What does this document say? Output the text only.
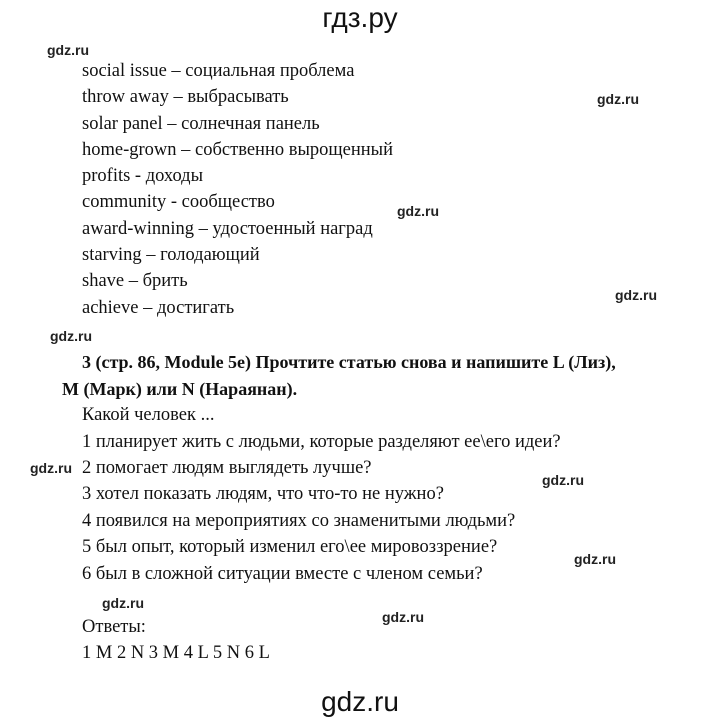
гдз.ру
gdz.ru
gdz.ru
gdz.ru
gdz.ru
gdz.ru
gdz.ru
gdz.ru
gdz.ru
gdz.ru
gdz.ru
social issue – социальная проблема
throw away – выбрасывать
solar panel – солнечная панель
home-grown – собственно вырощенный
profits - доходы
community - сообщество
award-winning – удостоенный наград
starving – голодающий
shave – брить
achieve – достигать
3 (стр. 86, Module 5e) Прочтите статью снова и напишите L (Лиз),
M (Марк) или N (Нараянан).
Какой человек ...
1 планирует жить с людьми, которые разделяют ее\его идеи?
2 помогает людям выглядеть лучше?
3 хотел показать людям, что что-то не нужно?
4 появился на мероприятиях со знаменитыми людьми?
5 был опыт, который изменил его\ее мировоззрение?
6 был в сложной ситуации вместе с членом семьи?
Ответы:
1 M 2 N 3 M 4 L 5 N 6 L
gdz.ru
